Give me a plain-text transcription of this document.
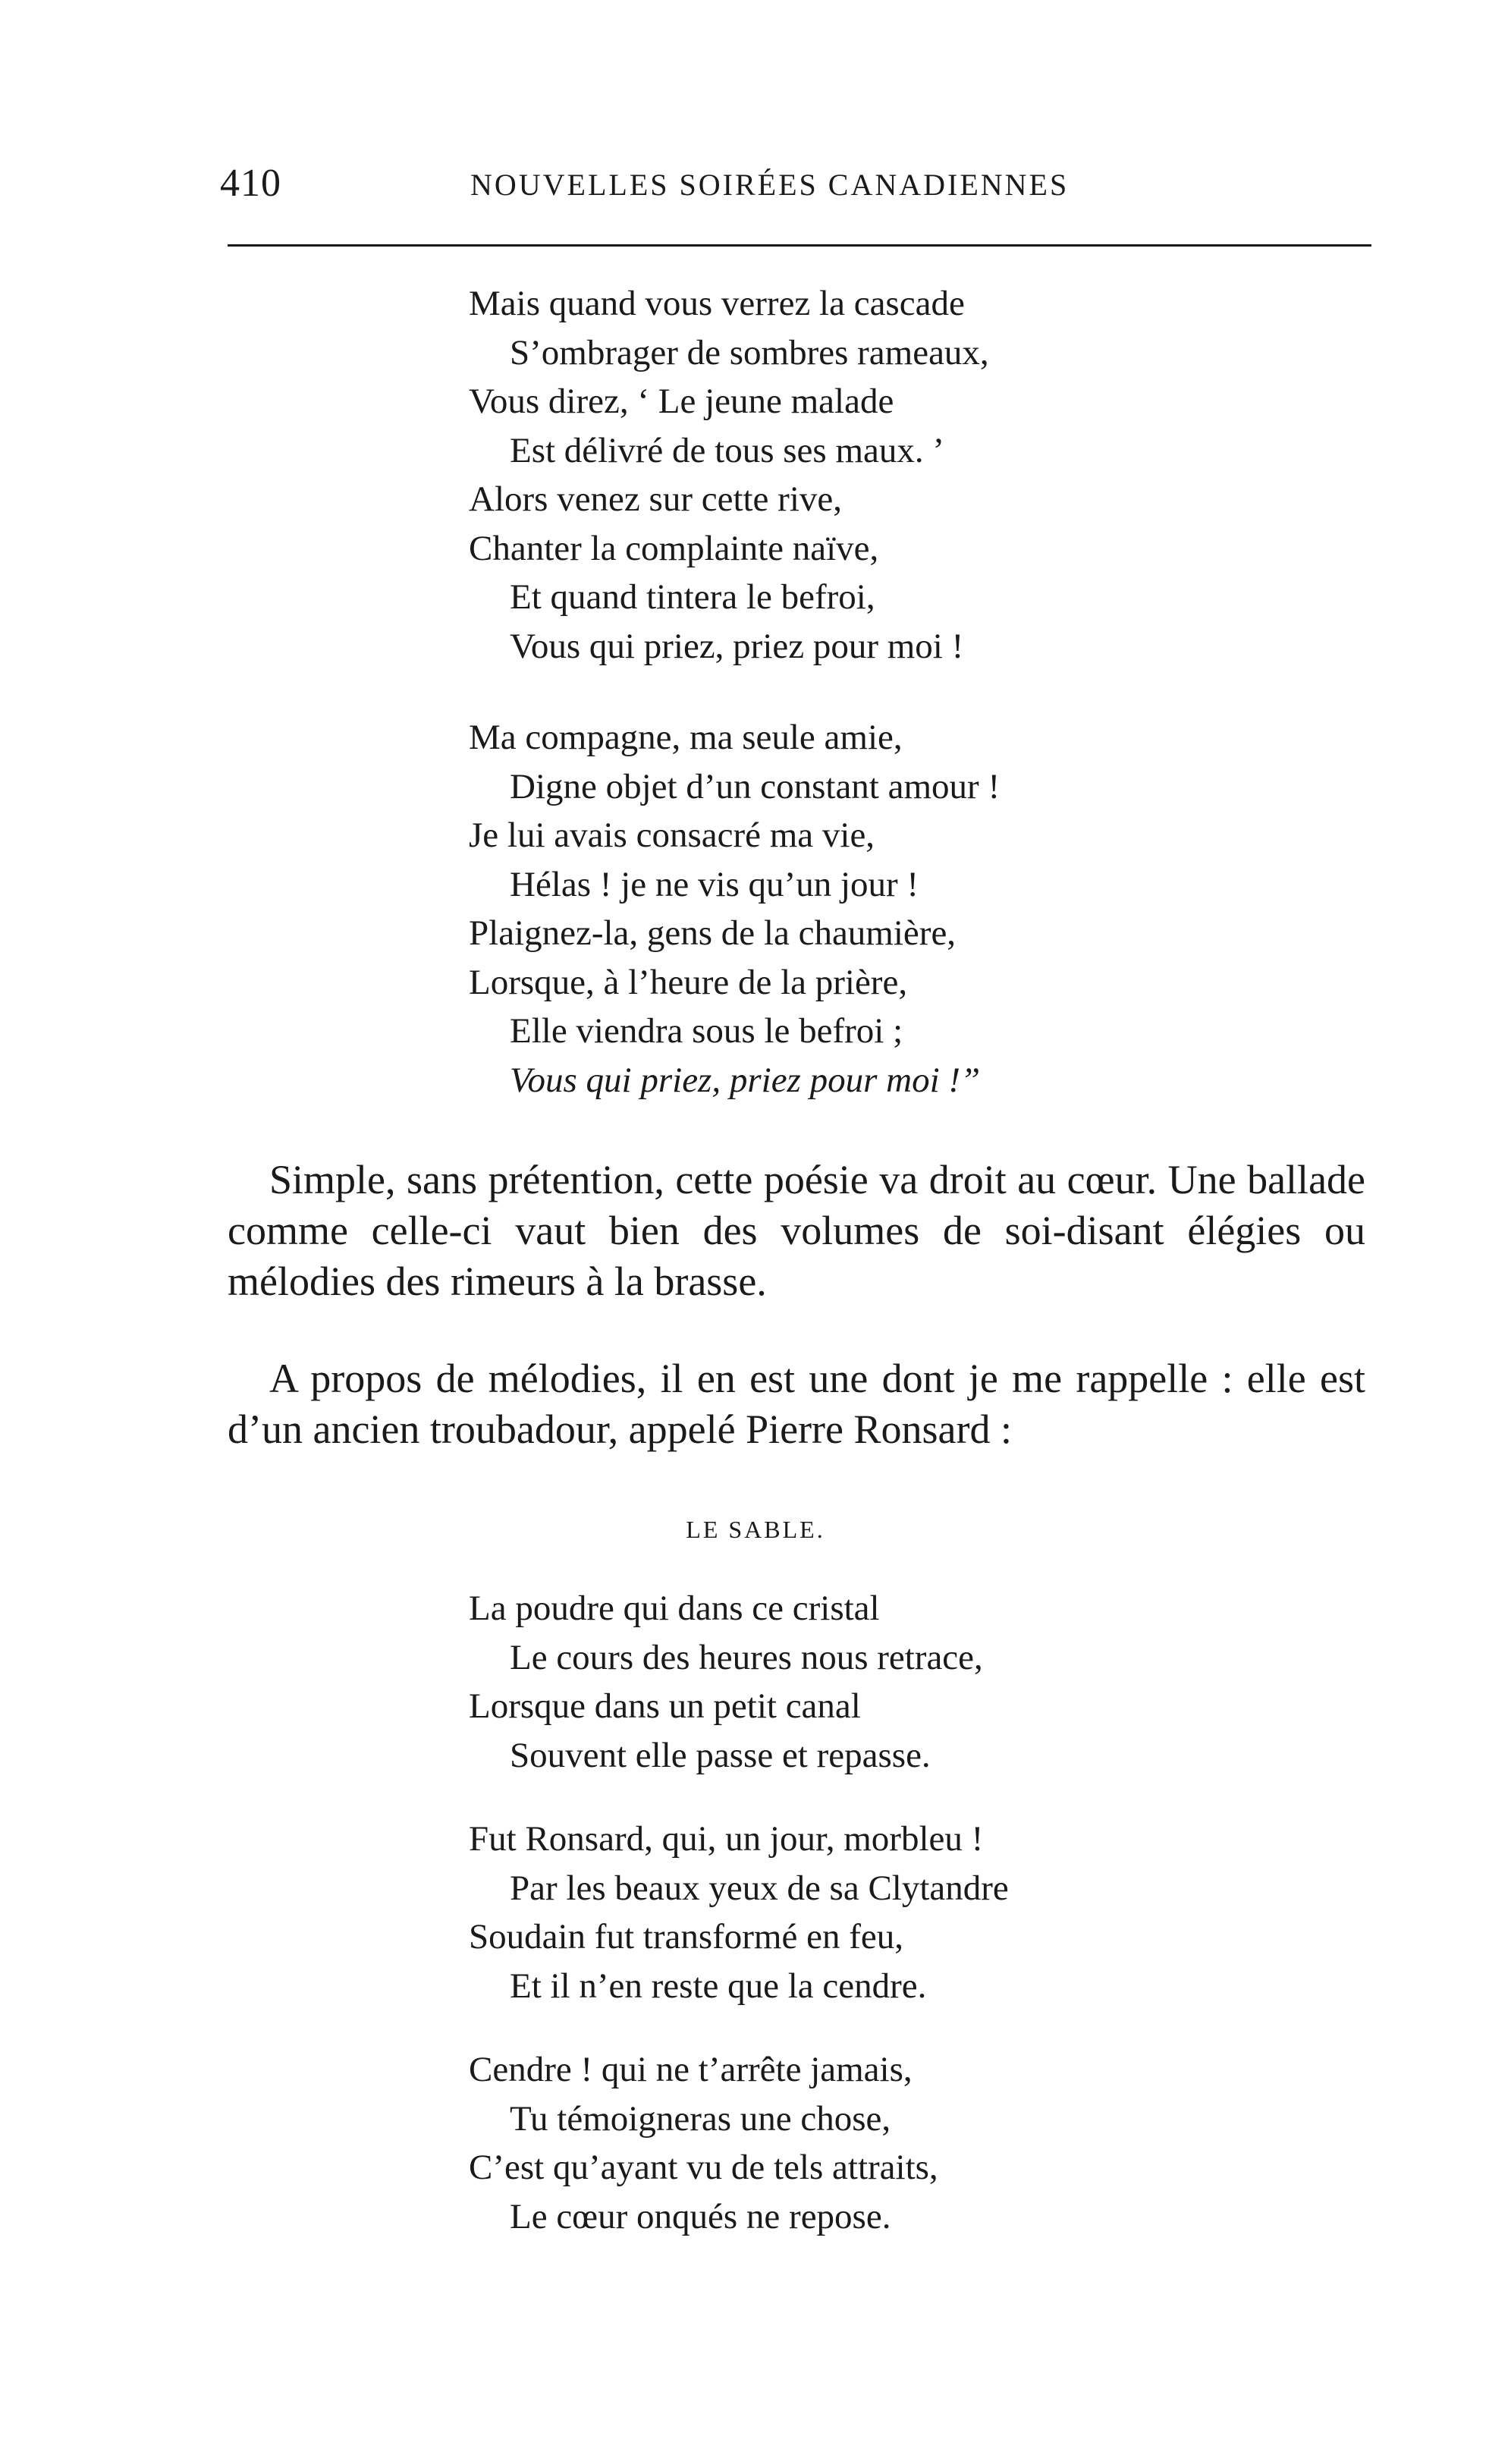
410	NOUVELLES SOIRÉES CANADIENNES
Mais quand vous verrez la cascade
S’ombrager de sombres rameaux,
Vous direz, ‘ Le jeune malade
Est délivré de tous ses maux. ’
Alors venez sur cette rive,
Chanter la complainte naïve,
Et quand tintera le befroi,
Vous qui priez, priez pour moi !
Ma compagne, ma seule amie,
Digne objet d’un constant amour !
Je lui avais consacré ma vie,
Hélas ! je ne vis qu’un jour !
Plaignez-la, gens de la chaumière,
Lorsque, à l’heure de la prière,
Elle viendra sous le befroi ;
Vous qui priez, priez pour moi !”

Simple, sans prétention, cette poésie va droit au cœur. Une ballade comme celle-ci vaut bien des volumes de soi-disant élégies ou mélodies des rimeurs à la brasse.

A propos de mélodies, il en est une dont je me rappelle : elle est d’un ancien troubadour, appelé Pierre Ronsard :

LE SABLE.
La poudre qui dans ce cristal
Le cours des heures nous retrace,
Lorsque dans un petit canal
Souvent elle passe et repasse.
Fut Ronsard, qui, un jour, morbleu !
Par les beaux yeux de sa Clytandre
Soudain fut transformé en feu,
Et il n’en reste que la cendre.
Cendre ! qui ne t’arrête jamais,
Tu témoigneras une chose,
C’est qu’ayant vu de tels attraits,
Le cœur onqués ne repose.
